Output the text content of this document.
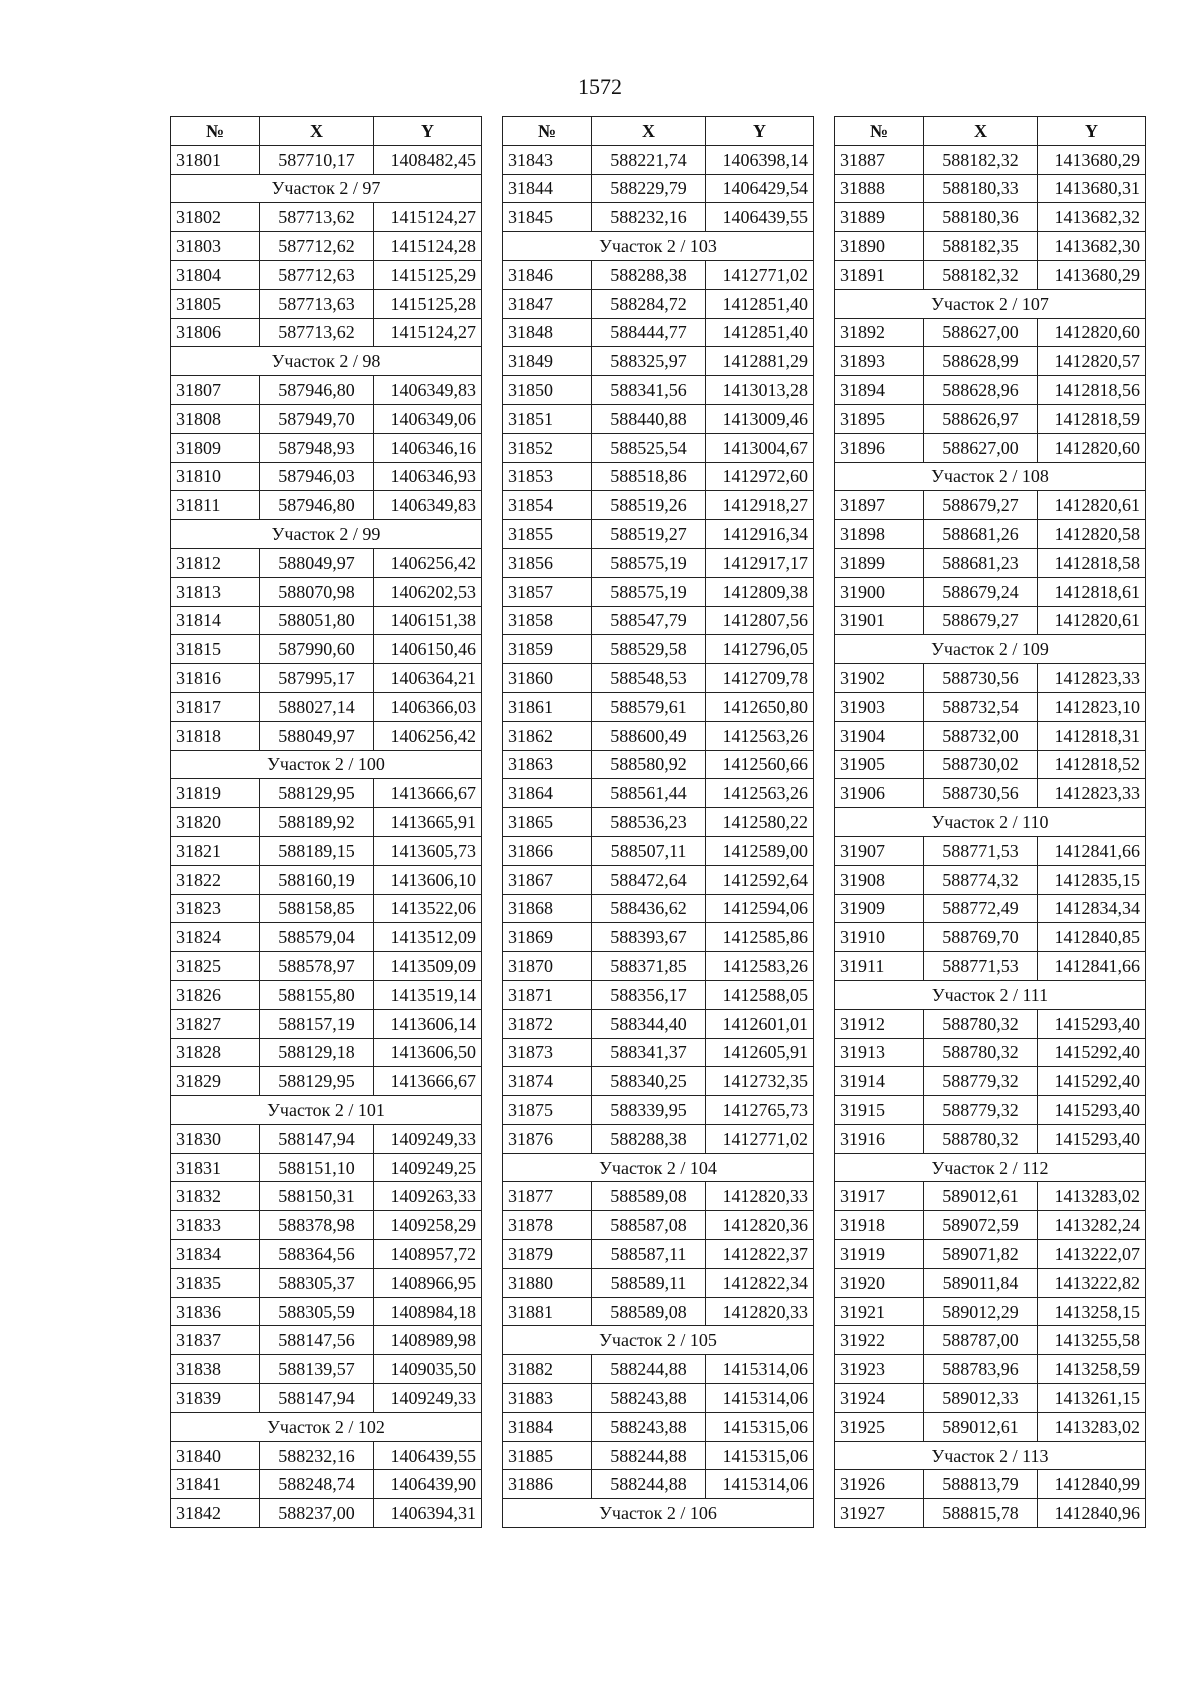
1572
№	X	Y
31801	587710,17	1408482,45
Участок 2 / 97		
31802	587713,62	1415124,27
31803	587712,62	1415124,28
31804	587712,63	1415125,29
31805	587713,63	1415125,28
31806	587713,62	1415124,27
Участок 2 / 98		
31807	587946,80	1406349,83
31808	587949,70	1406349,06
31809	587948,93	1406346,16
31810	587946,03	1406346,93
31811	587946,80	1406349,83
Участок 2 / 99		
31812	588049,97	1406256,42
31813	588070,98	1406202,53
31814	588051,80	1406151,38
31815	587990,60	1406150,46
31816	587995,17	1406364,21
31817	588027,14	1406366,03
31818	588049,97	1406256,42
Участок 2 / 100		
31819	588129,95	1413666,67
31820	588189,92	1413665,91
31821	588189,15	1413605,73
31822	588160,19	1413606,10
31823	588158,85	1413522,06
31824	588579,04	1413512,09
31825	588578,97	1413509,09
31826	588155,80	1413519,14
31827	588157,19	1413606,14
31828	588129,18	1413606,50
31829	588129,95	1413666,67
Участок 2 / 101		
31830	588147,94	1409249,33
31831	588151,10	1409249,25
31832	588150,31	1409263,33
31833	588378,98	1409258,29
31834	588364,56	1408957,72
31835	588305,37	1408966,95
31836	588305,59	1408984,18
31837	588147,56	1408989,98
31838	588139,57	1409035,50
31839	588147,94	1409249,33
Участок 2 / 102		
31840	588232,16	1406439,55
31841	588248,74	1406439,90
31842	588237,00	1406394,31
№	X	Y
31843	588221,74	1406398,14
31844	588229,79	1406429,54
31845	588232,16	1406439,55
Участок 2 / 103		
31846	588288,38	1412771,02
31847	588284,72	1412851,40
31848	588444,77	1412851,40
31849	588325,97	1412881,29
31850	588341,56	1413013,28
31851	588440,88	1413009,46
31852	588525,54	1413004,67
31853	588518,86	1412972,60
31854	588519,26	1412918,27
31855	588519,27	1412916,34
31856	588575,19	1412917,17
31857	588575,19	1412809,38
31858	588547,79	1412807,56
31859	588529,58	1412796,05
31860	588548,53	1412709,78
31861	588579,61	1412650,80
31862	588600,49	1412563,26
31863	588580,92	1412560,66
31864	588561,44	1412563,26
31865	588536,23	1412580,22
31866	588507,11	1412589,00
31867	588472,64	1412592,64
31868	588436,62	1412594,06
31869	588393,67	1412585,86
31870	588371,85	1412583,26
31871	588356,17	1412588,05
31872	588344,40	1412601,01
31873	588341,37	1412605,91
31874	588340,25	1412732,35
31875	588339,95	1412765,73
31876	588288,38	1412771,02
Участок 2 / 104		
31877	588589,08	1412820,33
31878	588587,08	1412820,36
31879	588587,11	1412822,37
31880	588589,11	1412822,34
31881	588589,08	1412820,33
Участок 2 / 105		
31882	588244,88	1415314,06
31883	588243,88	1415314,06
31884	588243,88	1415315,06
31885	588244,88	1415315,06
31886	588244,88	1415314,06
Участок 2 / 106		
№	X	Y
31887	588182,32	1413680,29
31888	588180,33	1413680,31
31889	588180,36	1413682,32
31890	588182,35	1413682,30
31891	588182,32	1413680,29
Участок 2 / 107		
31892	588627,00	1412820,60
31893	588628,99	1412820,57
31894	588628,96	1412818,56
31895	588626,97	1412818,59
31896	588627,00	1412820,60
Участок 2 / 108		
31897	588679,27	1412820,61
31898	588681,26	1412820,58
31899	588681,23	1412818,58
31900	588679,24	1412818,61
31901	588679,27	1412820,61
Участок 2 / 109		
31902	588730,56	1412823,33
31903	588732,54	1412823,10
31904	588732,00	1412818,31
31905	588730,02	1412818,52
31906	588730,56	1412823,33
Участок 2 / 110		
31907	588771,53	1412841,66
31908	588774,32	1412835,15
31909	588772,49	1412834,34
31910	588769,70	1412840,85
31911	588771,53	1412841,66
Участок 2 / 111		
31912	588780,32	1415293,40
31913	588780,32	1415292,40
31914	588779,32	1415292,40
31915	588779,32	1415293,40
31916	588780,32	1415293,40
Участок 2 / 112		
31917	589012,61	1413283,02
31918	589072,59	1413282,24
31919	589071,82	1413222,07
31920	589011,84	1413222,82
31921	589012,29	1413258,15
31922	588787,00	1413255,58
31923	588783,96	1413258,59
31924	589012,33	1413261,15
31925	589012,61	1413283,02
Участок 2 / 113		
31926	588813,79	1412840,99
31927	588815,78	1412840,96
